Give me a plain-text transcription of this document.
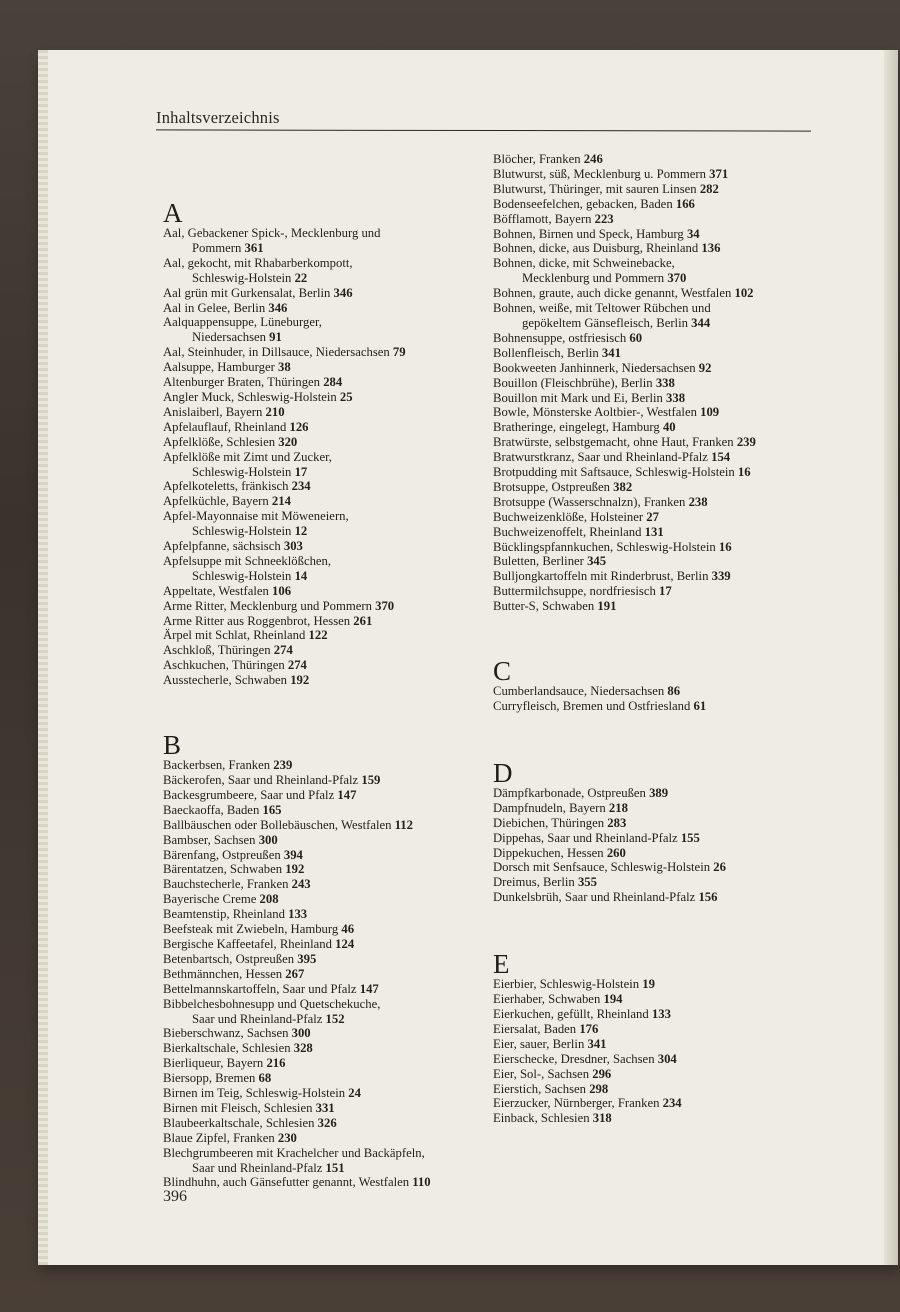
Inhaltsverzeichnis
A
Aal, Gebackener Spick-, Mecklenburg und
Pommern 361
Aal, gekocht, mit Rhabarberkompott,
Schleswig-Holstein 22
Aal grün mit Gurkensalat, Berlin 346
Aal in Gelee, Berlin 346
Aalquappensuppe, Lüneburger,
Niedersachsen 91
Aal, Steinhuder, in Dillsauce, Niedersachsen 79
Aalsuppe, Hamburger 38
Altenburger Braten, Thüringen 284
Angler Muck, Schleswig-Holstein 25
Anislaiberl, Bayern 210
Apfelauflauf, Rheinland 126
Apfelklöße, Schlesien 320
Apfelklöße mit Zimt und Zucker,
Schleswig-Holstein 17
Apfelkoteletts, fränkisch 234
Apfelküchle, Bayern 214
Apfel-Mayonnaise mit Möweneiern,
Schleswig-Holstein 12
Apfelpfanne, sächsisch 303
Apfelsuppe mit Schneeklößchen,
Schleswig-Holstein 14
Appeltate, Westfalen 106
Arme Ritter, Mecklenburg und Pommern 370
Arme Ritter aus Roggenbrot, Hessen 261
Ärpel mit Schlat, Rheinland 122
Aschkloß, Thüringen 274
Aschkuchen, Thüringen 274
Ausstecherle, Schwaben 192
B
Backerbsen, Franken 239
Bäckerofen, Saar und Rheinland-Pfalz 159
Backesgrumbeere, Saar und Pfalz 147
Baeckaoffa, Baden 165
Ballbäuschen oder Bollebäuschen, Westfalen 112
Bambser, Sachsen 300
Bärenfang, Ostpreußen 394
Bärentatzen, Schwaben 192
Bauchstecherle, Franken 243
Bayerische Creme 208
Beamtenstip, Rheinland 133
Beefsteak mit Zwiebeln, Hamburg 46
Bergische Kaffeetafel, Rheinland 124
Betenbartsch, Ostpreußen 395
Bethmännchen, Hessen 267
Bettelmannskartoffeln, Saar und Pfalz 147
Bibbelchesbohnesupp und Quetschekuche,
Saar und Rheinland-Pfalz 152
Bieberschwanz, Sachsen 300
Bierkaltschale, Schlesien 328
Bierliqueur, Bayern 216
Biersopp, Bremen 68
Birnen im Teig, Schleswig-Holstein 24
Birnen mit Fleisch, Schlesien 331
Blaubeerkaltschale, Schlesien 326
Blaue Zipfel, Franken 230
Blechgrumbeeren mit Krachelcher und Backäpfeln,
Saar und Rheinland-Pfalz 151
Blindhuhn, auch Gänsefutter genannt, Westfalen 110
Blöcher, Franken 246
Blutwurst, süß, Mecklenburg u. Pommern 371
Blutwurst, Thüringer, mit sauren Linsen 282
Bodenseefelchen, gebacken, Baden 166
Böfflamott, Bayern 223
Bohnen, Birnen und Speck, Hamburg 34
Bohnen, dicke, aus Duisburg, Rheinland 136
Bohnen, dicke, mit Schweinebacke,
Mecklenburg und Pommern 370
Bohnen, graute, auch dicke genannt, Westfalen 102
Bohnen, weiße, mit Teltower Rübchen und
gepökeltem Gänsefleisch, Berlin 344
Bohnensuppe, ostfriesisch 60
Bollenfleisch, Berlin 341
Bookweeten Janhinnerk, Niedersachsen 92
Bouillon (Fleischbrühe), Berlin 338
Bouillon mit Mark und Ei, Berlin 338
Bowle, Mönsterske Aoltbier-, Westfalen 109
Bratheringe, eingelegt, Hamburg 40
Bratwürste, selbstgemacht, ohne Haut, Franken 239
Bratwurstkranz, Saar und Rheinland-Pfalz 154
Brotpudding mit Saftsauce, Schleswig-Holstein 16
Brotsuppe, Ostpreußen 382
Brotsuppe (Wasserschnalzn), Franken 238
Buchweizenklöße, Holsteiner 27
Buchweizenoffelt, Rheinland 131
Bücklingspfannkuchen, Schleswig-Holstein 16
Buletten, Berliner 345
Bulljongkartoffeln mit Rinderbrust, Berlin 339
Buttermilchsuppe, nordfriesisch 17
Butter-S, Schwaben 191
C
Cumberlandsauce, Niedersachsen 86
Curryfleisch, Bremen und Ostfriesland 61
D
Dämpfkarbonade, Ostpreußen 389
Dampfnudeln, Bayern 218
Diebichen, Thüringen 283
Dippehas, Saar und Rheinland-Pfalz 155
Dippekuchen, Hessen 260
Dorsch mit Senfsauce, Schleswig-Holstein 26
Dreimus, Berlin 355
Dunkelsbrüh, Saar und Rheinland-Pfalz 156
E
Eierbier, Schleswig-Holstein 19
Eierhaber, Schwaben 194
Eierkuchen, gefüllt, Rheinland 133
Eiersalat, Baden 176
Eier, sauer, Berlin 341
Eierschecke, Dresdner, Sachsen 304
Eier, Sol-, Sachsen 296
Eierstich, Sachsen 298
Eierzucker, Nürnberger, Franken 234
Einback, Schlesien 318
396
